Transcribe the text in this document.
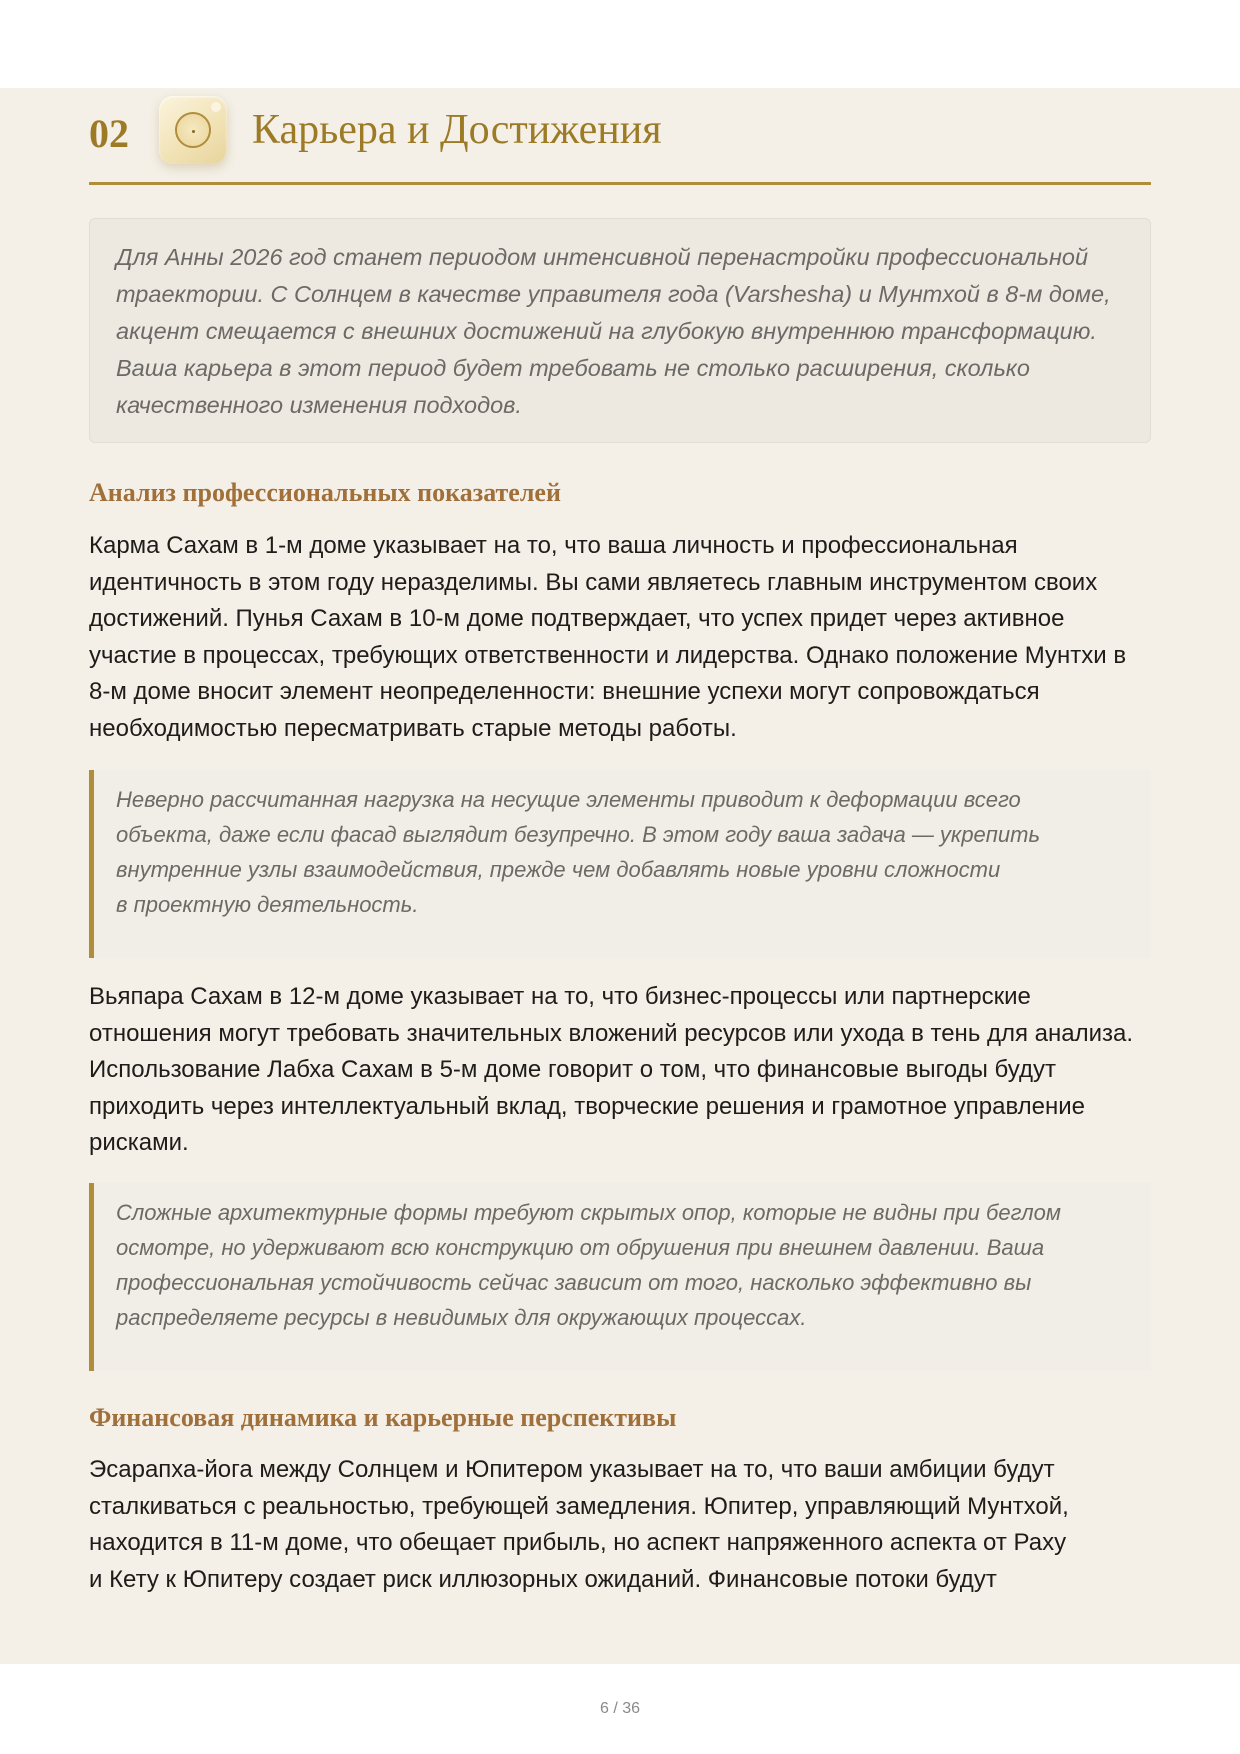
02	Карьера и Достижения

Для Анны 2026 год станет периодом интенсивной перенастройки профессиональной
траектории. С Солнцем в качестве управителя года (Varshesha) и Мунтхой в 8-м доме,
акцент смещается с внешних достижений на глубокую внутреннюю трансформацию.
Ваша карьера в этот период будет требовать не столько расширения, сколько
качественного изменения подходов.

Анализ профессиональных показателей
Карма Сахам в 1-м доме указывает на то, что ваша личность и профессиональная
идентичность в этом году неразделимы. Вы сами являетесь главным инструментом своих
достижений. Пунья Сахам в 10-м доме подтверждает, что успех придет через активное
участие в процессах, требующих ответственности и лидерства. Однако положение Мунтхи в
8-м доме вносит элемент неопределенности: внешние успехи могут сопровождаться
необходимостью пересматривать старые методы работы.

Неверно рассчитанная нагрузка на несущие элементы приводит к деформации всего
объекта, даже если фасад выглядит безупречно. В этом году ваша задача — укрепить
внутренние узлы взаимодействия, прежде чем добавлять новые уровни сложности
в проектную деятельность.

Вьяпара Сахам в 12-м доме указывает на то, что бизнес-процессы или партнерские
отношения могут требовать значительных вложений ресурсов или ухода в тень для анализа.
Использование Лабха Сахам в 5-м доме говорит о том, что финансовые выгоды будут
приходить через интеллектуальный вклад, творческие решения и грамотное управление
рисками.

Сложные архитектурные формы требуют скрытых опор, которые не видны при беглом
осмотре, но удерживают всю конструкцию от обрушения при внешнем давлении. Ваша
профессиональная устойчивость сейчас зависит от того, насколько эффективно вы
распределяете ресурсы в невидимых для окружающих процессах.

Финансовая динамика и карьерные перспективы
Эсарапха-йога между Солнцем и Юпитером указывает на то, что ваши амбиции будут
сталкиваться с реальностью, требующей замедления. Юпитер, управляющий Мунтхой,
находится в 11-м доме, что обещает прибыль, но аспект напряженного аспекта от Раху
и Кету к Юпитеру создает риск иллюзорных ожиданий. Финансовые потоки будут
6 / 36
